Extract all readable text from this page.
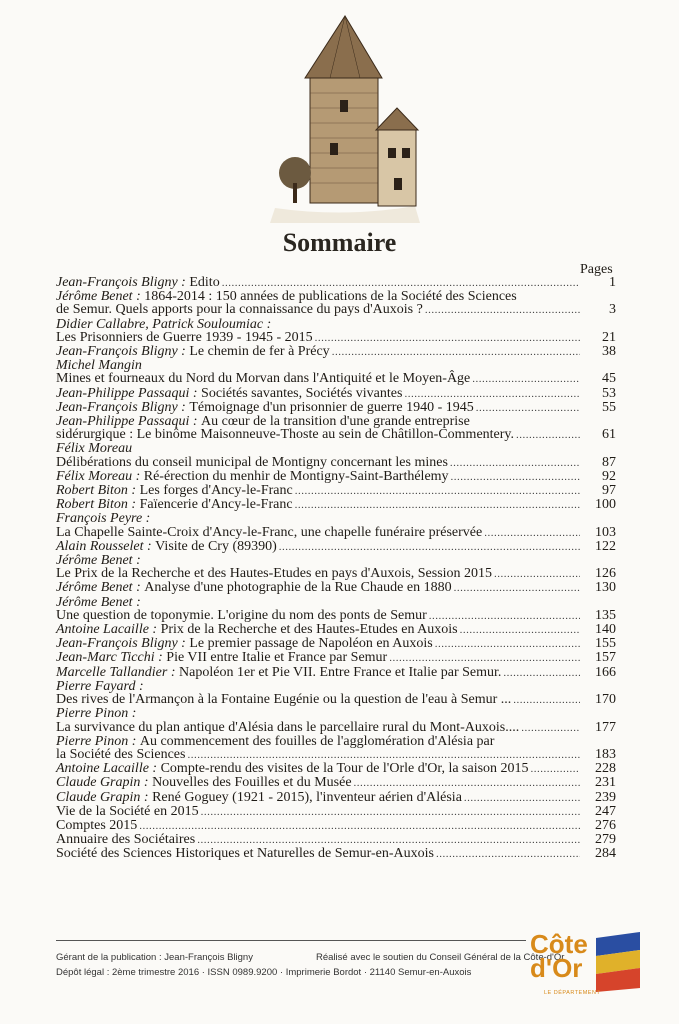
Sommaire
Pages
Jean-François Bligny :
Edito .....	1
Jérôme Benet :
1864-2014 : 150 années de publications de la Société des Sciences
de Semur. Quels apports pour la connaissance du pays d'Auxois ? .....	3
Didier Callabre, Patrick Souloumiac :
Les Prisonniers de Guerre 1939 - 1945 - 2015 .....	21
Jean-François Bligny :
Le chemin de fer à Précy .....	38
Michel Mangin
Mines et fourneaux du Nord du Morvan dans l'Antiquité et le Moyen-Âge .....	45
Jean-Philippe Passaqui :
Sociétés savantes, Sociétés vivantes .....	53
Jean-François Bligny :
Témoignage d'un prisonnier de guerre 1940 - 1945 .....	55
Jean-Philippe Passaqui :
Au cœur de la transition d'une grande entreprise
sidérurgique : Le binôme Maisonneuve-Thoste au sein de Châtillon-Commentery. .....	61
Félix Moreau
Délibérations du conseil municipal de Montigny concernant les mines .....	87
Félix Moreau :
Ré-érection du menhir de Montigny-Saint-Barthélemy .....	92
Robert Biton :
Les forges d'Ancy-le-Franc .....	97
Robert Biton :
Faïencerie d'Ancy-le-Franc .....	100
François Peyre :
La Chapelle Sainte-Croix d'Ancy-le-Franc, une chapelle funéraire préservée .....	103
Alain Rousselet :
Visite de Cry (89390) .....	122
Jérôme Benet :
Le Prix de la Recherche et des Hautes-Etudes en pays d'Auxois, Session 2015 .....	126
Jérôme Benet :
Analyse d'une photographie de la Rue Chaude en 1880 .....	130
Jérôme Benet :
Une question de toponymie. L'origine du nom des ponts de Semur .....	135
Antoine Lacaille :
Prix de la Recherche et des Hautes-Etudes en Auxois .....	140
Jean-François Bligny :
Le premier passage de Napoléon en Auxois .....	155
Jean-Marc Ticchi :
Pie VII entre Italie et France par Semur .....	157
Marcelle Tallandier :
Napoléon 1er et Pie VII. Entre France et Italie par Semur. .....	166
Pierre Fayard :
Des rives de l'Armançon à la Fontaine Eugénie ou la question de l'eau à Semur ... .....	170
Pierre Pinon :
La survivance du plan antique d'Alésia dans le parcellaire rural du Mont-Auxois.... .....	177
Pierre Pinon :
Au commencement des fouilles de l'agglomération d'Alésia par
la Société des Sciences .....	183
Antoine Lacaille :
Compte-rendu des visites de la Tour de l'Orle d'Or, la saison 2015 .....	228
Claude Grapin :
Nouvelles des Fouilles et du Musée .....	231
Claude Grapin :
René Goguey (1921 - 2015), l'inventeur aérien d'Alésia .....	239
Vie de la Société en 2015 .....	247
Comptes 2015 .....	276
Annuaire des Sociétaires .....	279
Société des Sciences Historiques et Naturelles de Semur-en-Auxois .....	284
Gérant de la publication : Jean-François Bligny	Réalisé avec le soutien du Conseil Général de la Côte-d'Or
Dépôt légal : 2ème trimestre 2016 · ISSN 0989.9200 · Imprimerie Bordot · 21140 Semur-en-Auxois
Côte
d'Or
LE DÉPARTEMENT
